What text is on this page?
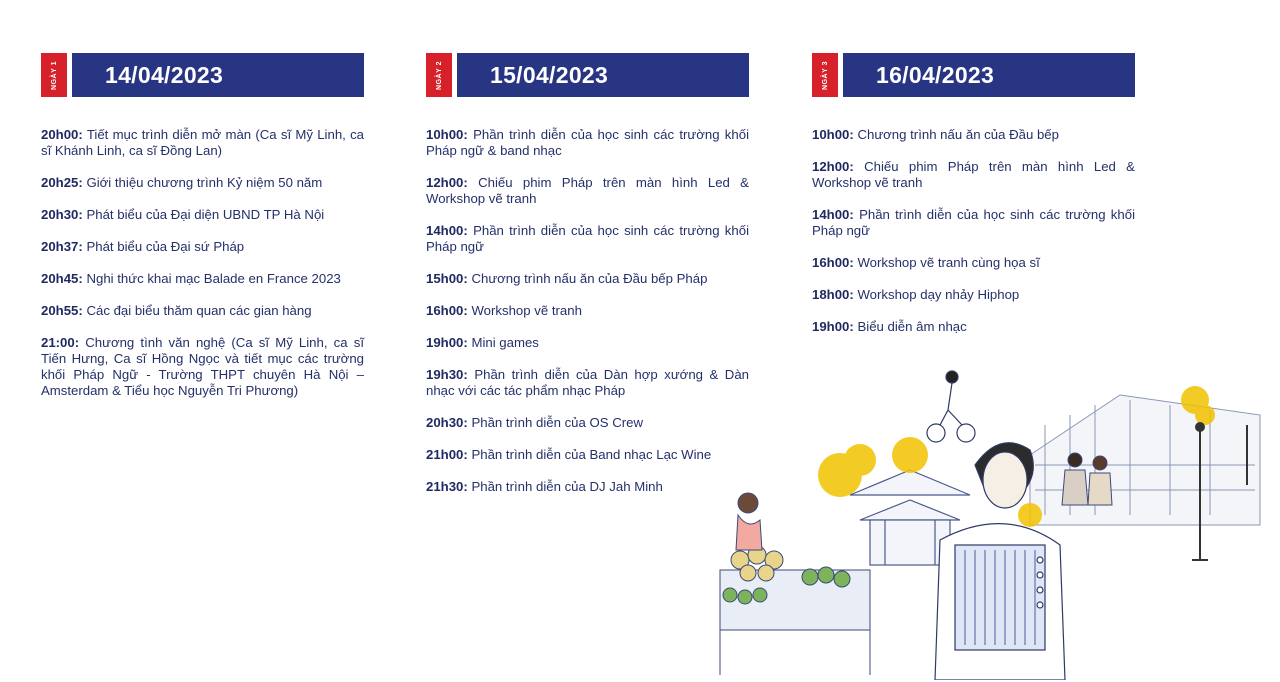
NGÀY 1	14/04/2023
20h00: Tiết mục trình diễn mở màn (Ca sĩ Mỹ Linh, ca sĩ Khánh Linh, ca sĩ Đồng Lan)
20h25: Giới thiệu chương trình Kỷ niệm 50 năm
20h30: Phát biểu của Đại diện UBND TP Hà Nội
20h37: Phát biểu của Đại sứ Pháp
20h45: Nghi thức khai mạc Balade en France 2023
20h55: Các đại biểu thăm quan các gian hàng
21:00: Chương tình văn nghệ (Ca sĩ Mỹ Linh, ca sĩ Tiến Hưng, Ca sĩ Hồng Ngọc và tiết mục các trường khối Pháp Ngữ - Trường THPT chuyên Hà Nội – Amsterdam & Tiểu học Nguyễn Tri Phương)
NGÀY 2	15/04/2023
10h00: Phần trình diễn của học sinh các trường khối Pháp ngữ & band nhạc
12h00: Chiếu phim Pháp trên màn hình Led & Workshop vẽ tranh
14h00: Phần trình diễn của học sinh các trường khối Pháp ngữ
15h00: Chương trình nấu ăn của Đầu bếp Pháp
16h00: Workshop vẽ tranh
19h00: Mini games
19h30: Phần trình diễn của Dàn hợp xướng & Dàn nhạc với các tác phẩm nhạc Pháp
20h30: Phần trình diễn của OS Crew
21h00: Phần trình diễn của Band nhạc Lạc Wine
21h30: Phần trình diễn của DJ Jah Minh
NGÀY 3	16/04/2023
10h00: Chương trình nấu ăn của Đầu bếp
12h00: Chiếu phim Pháp trên màn hình Led & Workshop vẽ tranh
14h00: Phần trình diễn của học sinh các trường khối Pháp ngữ
16h00: Workshop vẽ tranh cùng họa sĩ
18h00: Workshop dạy nhảy Hiphop
19h00: Biểu diễn âm nhạc
